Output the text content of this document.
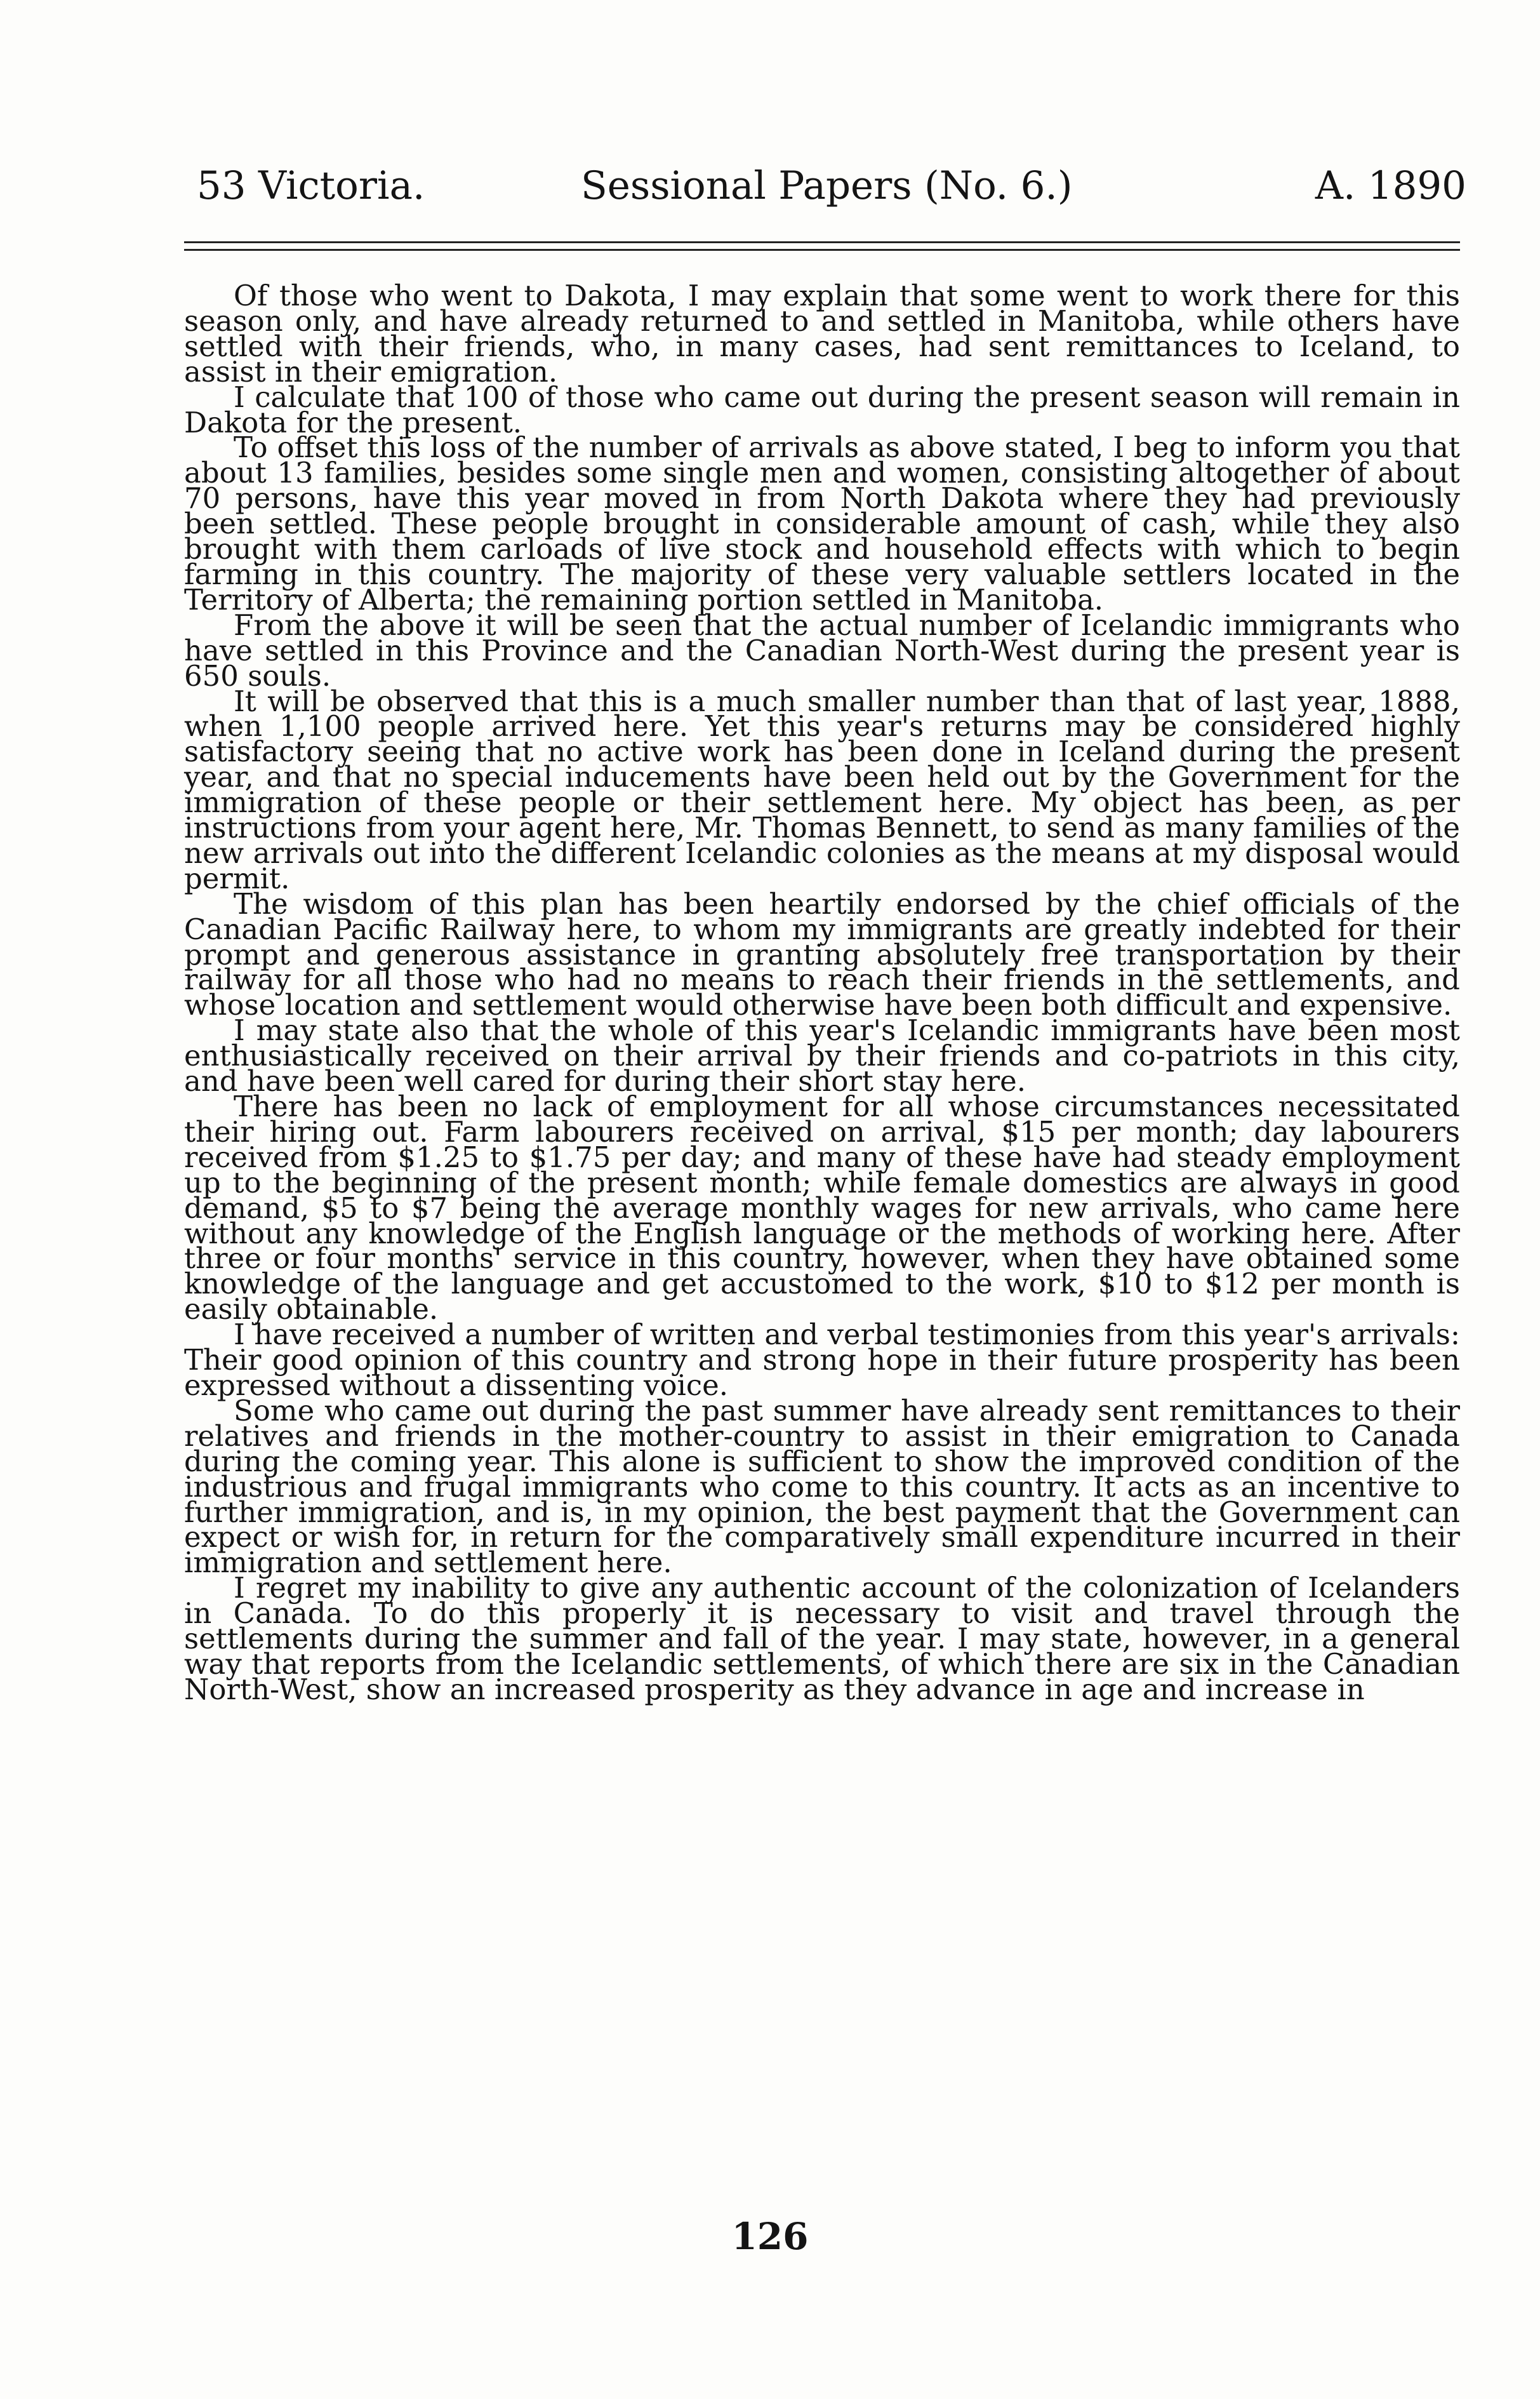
53 Victoria.	Sessional Papers (No. 6.)	A. 1890

Of those who went to Dakota, I may explain that some went to work there for this season only, and have already returned to and settled in Manitoba, while others have settled with their friends, who, in many cases, had sent remittances to Iceland, to assist in their emigration.

I calculate that 100 of those who came out during the present season will remain in Dakota for the present.

To offset this loss of the number of arrivals as above stated, I beg to inform you that about 13 families, besides some single men and women, consisting altogether of about 70 persons, have this year moved in from North Dakota where they had previously been settled. These people brought in considerable amount of cash, while they also brought with them carloads of live stock and household effects with which to begin farming in this country. The majority of these very valuable settlers located in the Territory of Alberta; the remaining portion settled in Manitoba.

From the above it will be seen that the actual number of Icelandic immigrants who have settled in this Province and the Canadian North-West during the present year is 650 souls.

It will be observed that this is a much smaller number than that of last year, 1888, when 1,100 people arrived here. Yet this year's returns may be considered highly satisfactory seeing that no active work has been done in Iceland during the present year, and that no special inducements have been held out by the Government for the immigration of these people or their settlement here. My object has been, as per instructions from your agent here, Mr. Thomas Bennett, to send as many families of the new arrivals out into the different Icelandic colonies as the means at my disposal would permit.

The wisdom of this plan has been heartily endorsed by the chief officials of the Canadian Pacific Railway here, to whom my immigrants are greatly indebted for their prompt and generous assistance in granting absolutely free transportation by their railway for all those who had no means to reach their friends in the settlements, and whose location and settlement would otherwise have been both difficult and expensive.

I may state also that the whole of this year's Icelandic immigrants have been most enthusiastically received on their arrival by their friends and co-patriots in this city, and have been well cared for during their short stay here.

There has been no lack of employment for all whose circumstances necessitated their hiring out. Farm labourers received on arrival, $15 per month; day labourers received from $1.25 to $1.75 per day; and many of these have had steady employment up to the beginning of the present month; while female domestics are always in good demand, $5 to $7 being the average monthly wages for new arrivals, who came here without any knowledge of the English language or the methods of working here. After three or four months' service in this country, however, when they have obtained some knowledge of the language and get accustomed to the work, $10 to $12 per month is easily obtainable.

I have received a number of written and verbal testimonies from this year's arrivals: Their good opinion of this country and strong hope in their future prosperity has been expressed without a dissenting voice.

Some who came out during the past summer have already sent remittances to their relatives and friends in the mother-country to assist in their emigration to Canada during the coming year. This alone is sufficient to show the improved condition of the industrious and frugal immigrants who come to this country. It acts as an incentive to further immigration, and is, in my opinion, the best payment that the Government can expect or wish for, in return for the comparatively small expenditure incurred in their immigration and settlement here.

I regret my inability to give any authentic account of the colonization of Icelanders in Canada. To do this properly it is necessary to visit and travel through the settlements during the summer and fall of the year. I may state, however, in a general way that reports from the Icelandic settlements, of which there are six in the Canadian North-West, show an increased prosperity as they advance in age and increase in

126
